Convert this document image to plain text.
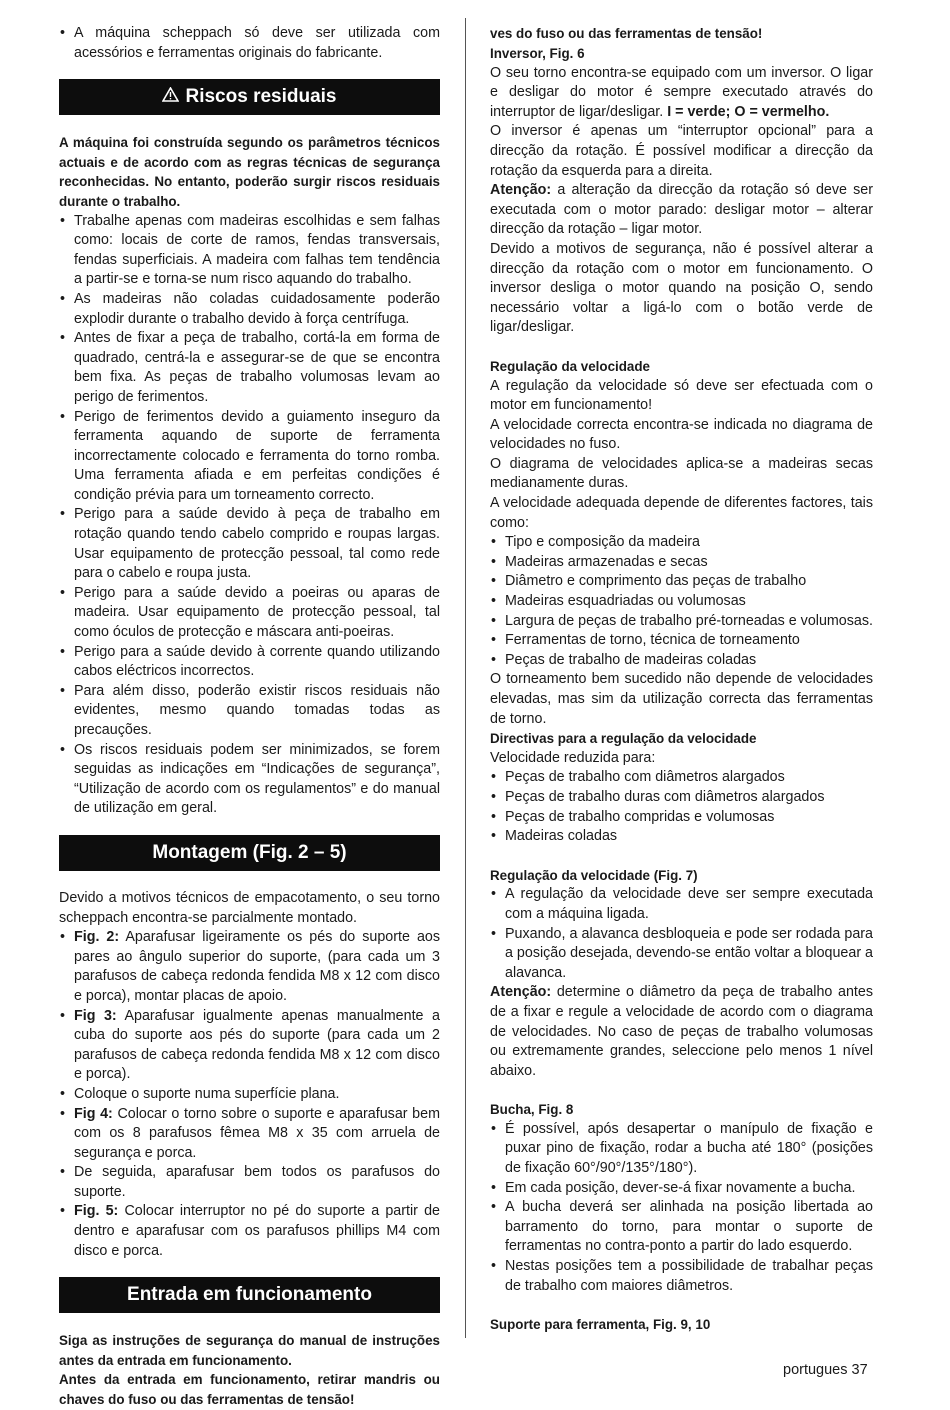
• A máquina scheppach só deve ser utilizada com acessórios e ferramentas originais do fabricante.
Riscos residuais

A máquina foi construída segundo os parâmetros técnicos actuais e de acordo com as regras técnicas de segurança reconhecidas. No entanto, poderão surgir riscos residuais durante o trabalho.

• Trabalhe apenas com madeiras escolhidas e sem falhas como: locais de corte de ramos, fendas transversais, fendas superficiais. A madeira com falhas tem tendência a partir-se e torna-se num risco aquando do trabalho.
• As madeiras não coladas cuidadosamente poderão explodir durante o trabalho devido à força centrífuga.
• Antes de fixar a peça de trabalho, cortá-la em forma de quadrado, centrá-la e assegurar-se de que se encontra bem fixa. As peças de trabalho volumosas levam ao perigo de ferimentos.
• Perigo de ferimentos devido a guiamento inseguro da ferramenta aquando de suporte de ferramenta incorrectamente colocado e ferramenta do torno romba. Uma ferramenta afiada e em perfeitas condições é condição prévia para um torneamento correcto.
• Perigo para a saúde devido à peça de trabalho em rotação quando tendo cabelo comprido e roupas largas. Usar equipamento de protecção pessoal, tal como rede para o cabelo e roupa justa.
• Perigo para a saúde devido a poeiras ou aparas de madeira. Usar equipamento de protecção pessoal, tal como óculos de protecção e máscara anti-poeiras.
• Perigo para a saúde devido à corrente quando utilizando cabos eléctricos incorrectos.
• Para além disso, poderão existir riscos residuais não evidentes, mesmo quando tomadas todas as precauções.
• Os riscos residuais podem ser minimizados, se forem seguidas as indicações em “Indicações de segurança”, “Utilização de acordo com os regulamentos” e do manual de utilização em geral.
Montagem (Fig. 2 – 5)

Devido a motivos técnicos de empacotamento, o seu torno scheppach encontra-se parcialmente montado.

• Fig. 2: Aparafusar ligeiramente os pés do suporte aos pares ao ângulo superior do suporte, (para cada um 3 parafusos de cabeça redonda fendida M8 x 12 com disco e porca), montar placas de apoio.
• Fig 3: Aparafusar igualmente apenas manualmente a cuba do suporte aos pés do suporte (para cada um 2 parafusos de cabeça redonda fendida M8 x 12 com disco e porca).
• Coloque o suporte numa superfície plana.
• Fig 4: Colocar o torno sobre o suporte e aparafusar bem com os 8 parafusos fêmea M8 x 35 com arruela de segurança e porca.
• De seguida, aparafusar bem todos os parafusos do suporte.
• Fig. 5: Colocar interruptor no pé do suporte a partir de dentro e aparafusar com os parafusos phillips M4 com disco e porca.
Entrada em funcionamento

Siga as instruções de segurança do manual de instruções antes da entrada em funcionamento.

Antes da entrada em funcionamento, retirar mandris ou chaves do fuso ou das ferramentas de tensão!

Inversor, Fig. 6

O seu torno encontra-se equipado com um inversor. O ligar e desligar do motor é sempre executado através do interruptor de ligar/desligar. I = verde; O = vermelho.

O inversor é apenas um “interruptor opcional” para a direcção da rotação. É possível modificar a direcção da rotação da esquerda para a direita.

Atenção: a alteração da direcção da rotação só deve ser executada com o motor parado: desligar motor – alterar direcção da rotação – ligar motor.

Devido a motivos de segurança, não é possível alterar a direcção da rotação com o motor em funcionamento. O inversor desliga o motor quando na posição O, sendo necessário voltar a ligá-lo com o botão verde de ligar/desligar.

Regulação da velocidade

A regulação da velocidade só deve ser efectuada com o motor em funcionamento!

A velocidade correcta encontra-se indicada no diagrama de velocidades no fuso.

O diagrama de velocidades aplica-se a madeiras secas medianamente duras.

A velocidade adequada depende de diferentes factores, tais como:

• Tipo e composição da madeira
• Madeiras armazenadas e secas
• Diâmetro e comprimento das peças de trabalho
• Madeiras esquadriadas ou volumosas
• Largura de peças de trabalho pré-torneadas e volumosas.
• Ferramentas de torno, técnica de torneamento
• Peças de trabalho de madeiras coladas

O torneamento bem sucedido não depende de velocidades elevadas, mas sim da utilização correcta das ferramentas de torno.

Directivas para a regulação da velocidade

Velocidade reduzida para:

• Peças de trabalho com diâmetros alargados
• Peças de trabalho duras com diâmetros alargados
• Peças de trabalho compridas e volumosas
• Madeiras coladas

Regulação da velocidade (Fig. 7)

• A regulação da velocidade deve ser sempre executada com a máquina ligada.
• Puxando, a alavanca desbloqueia e pode ser rodada para a posição desejada, devendo-se então voltar a bloquear a alavanca.

Atenção: determine o diâmetro da peça de trabalho antes de a fixar e regule a velocidade de acordo com o diagrama de velocidades. No caso de peças de trabalho volumosas ou extremamente grandes, seleccione pelo menos 1 nível abaixo.

Bucha, Fig. 8

• É possível, após desapertar o manípulo de fixação e puxar pino de fixação, rodar a bucha até 180° (posições de fixação 60°/90°/135°/180°).
• Em cada posição, dever-se-á fixar novamente a bucha.
• A bucha deverá ser alinhada na posição libertada ao barramento do torno, para montar o suporte de ferramentas no contra-ponto a partir do lado esquerdo.
• Nestas posições tem a possibilidade de trabalhar peças de trabalho com maiores diâmetros.

Suporte para ferramenta, Fig. 9, 10

ves do fuso ou das ferramentas de tensão!

portugues 37
